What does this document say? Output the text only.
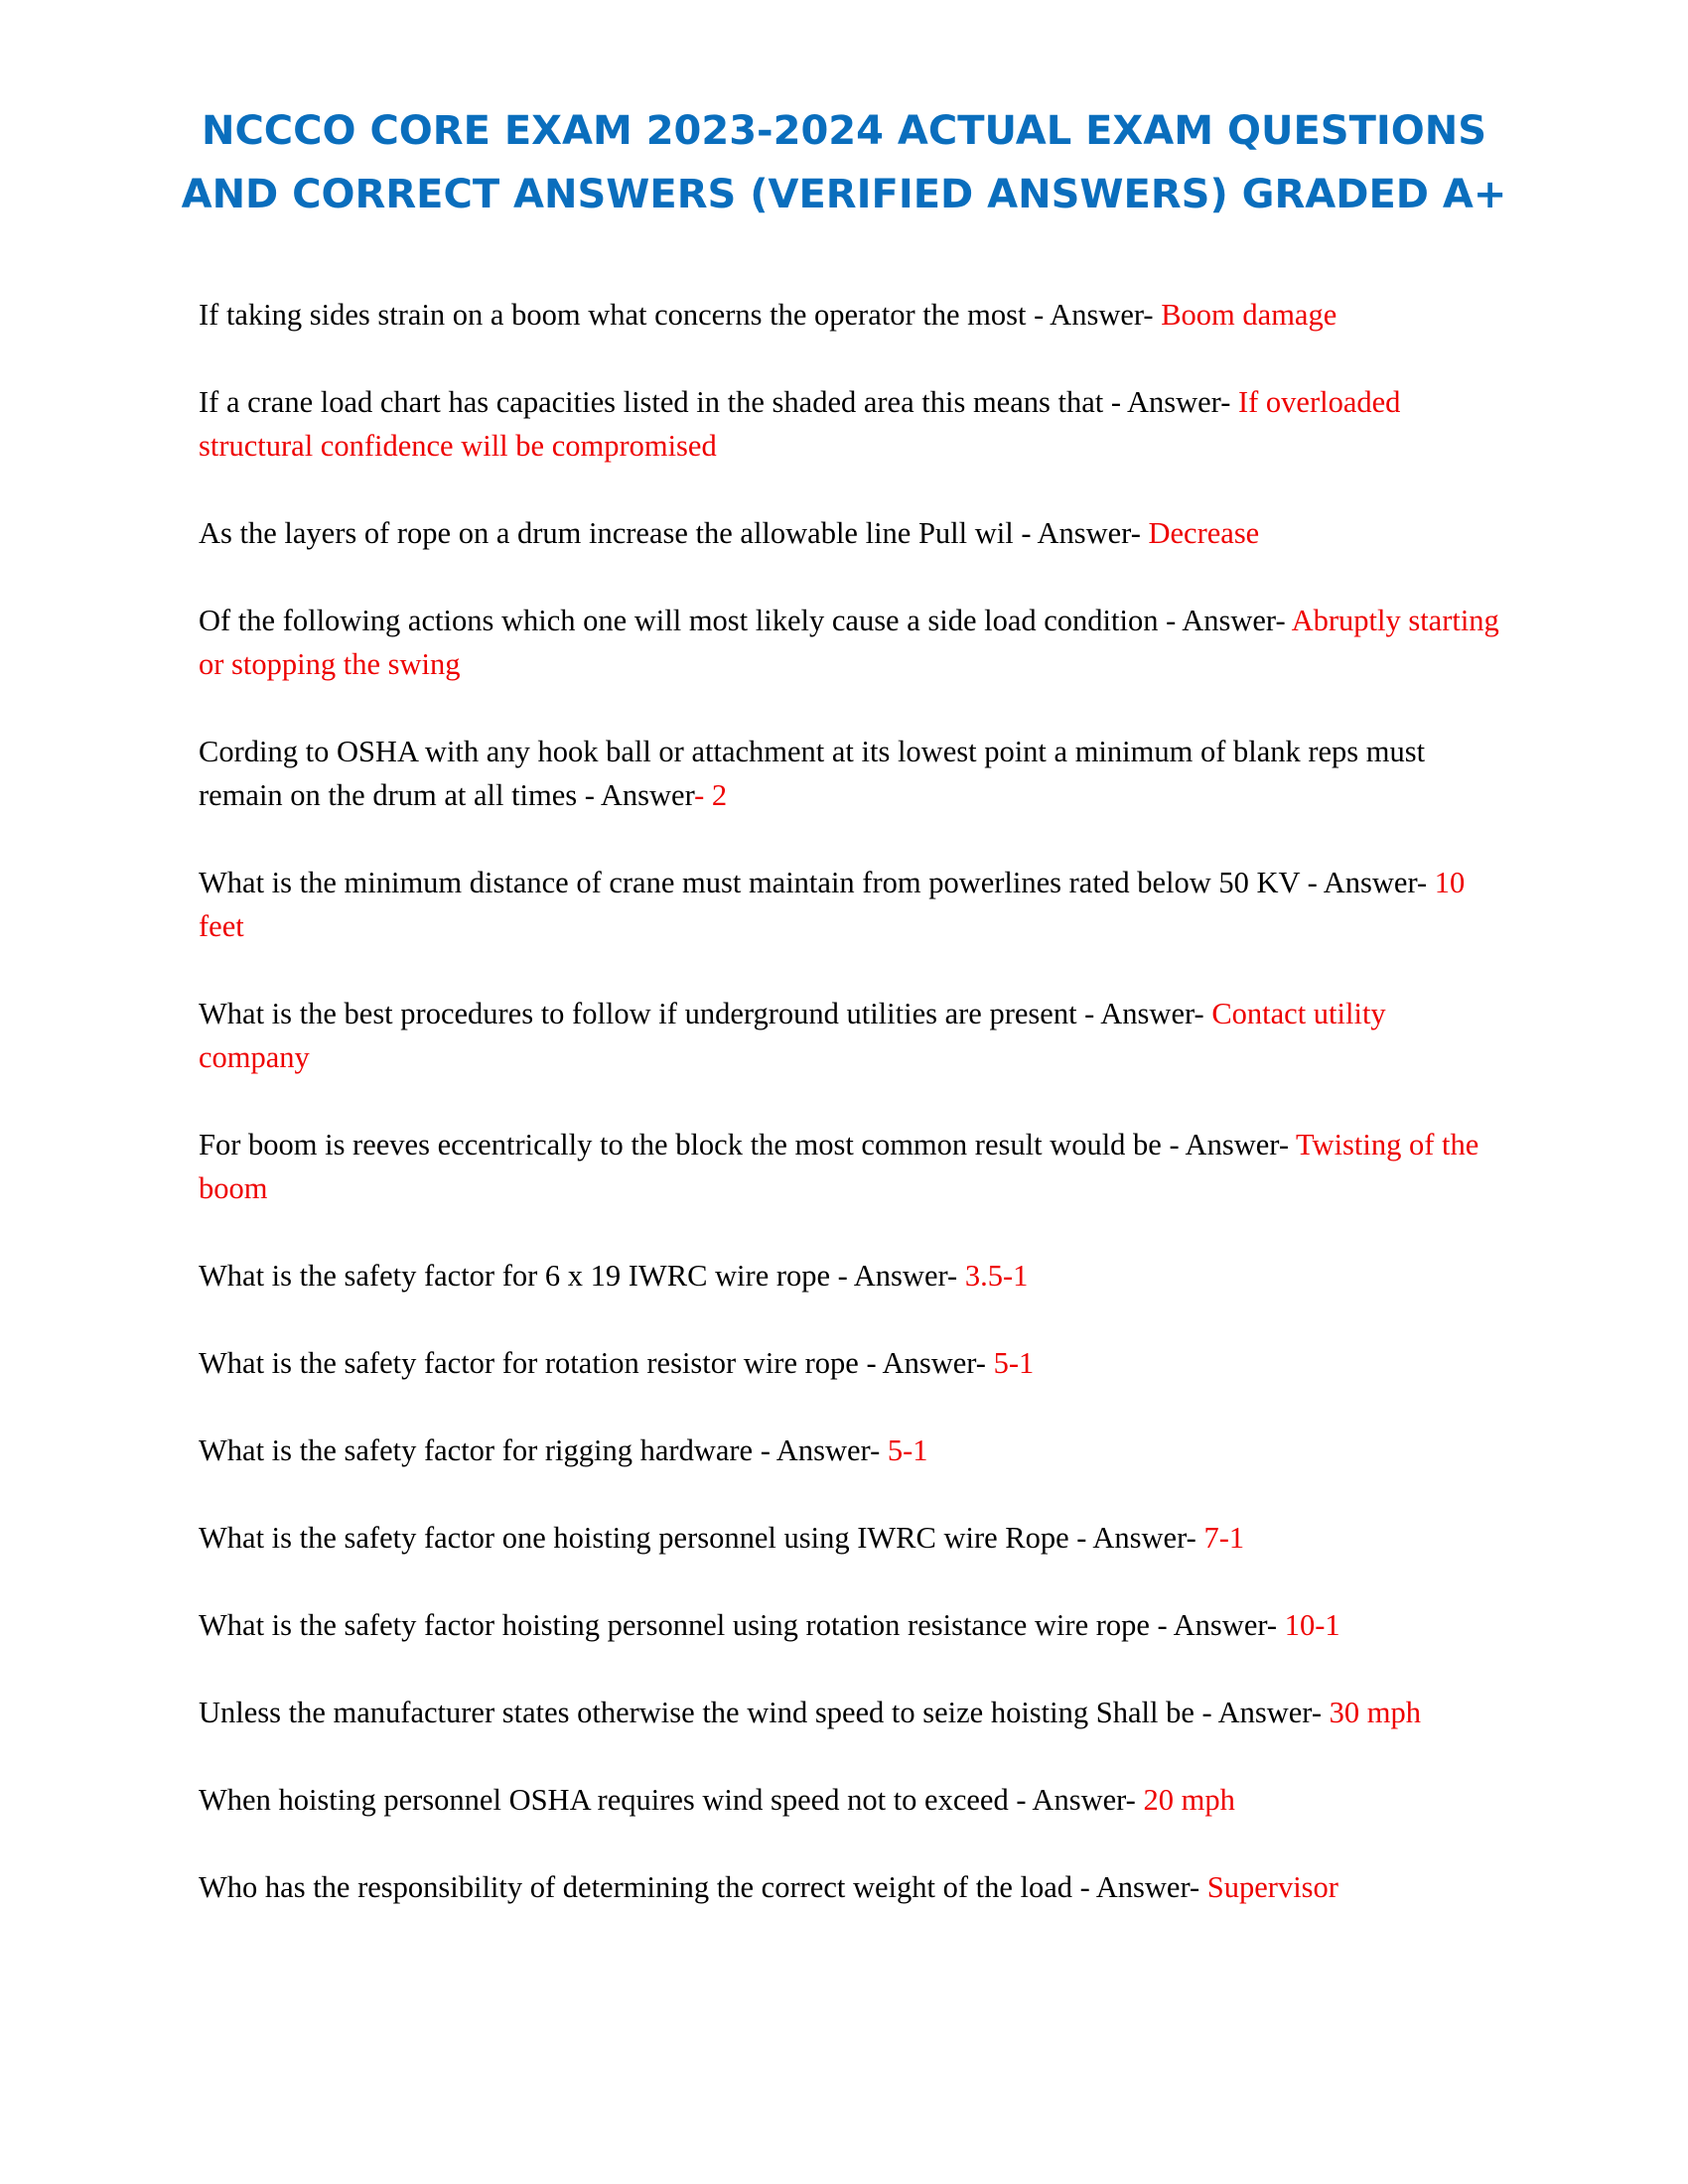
NCCCO CORE EXAM 2023-2024 ACTUAL EXAM QUESTIONS
AND CORRECT ANSWERS (VERIFIED ANSWERS) GRADED A+

If taking sides strain on a boom what concerns the operator the most - Answer- Boom damage

If a crane load chart has capacities listed in the shaded area this means that - Answer- If overloaded structural confidence will be compromised

As the layers of rope on a drum increase the allowable line Pull wil - Answer- Decrease

Of the following actions which one will most likely cause a side load condition - Answer- Abruptly starting or stopping the swing

Cording to OSHA with any hook ball or attachment at its lowest point a minimum of blank reps must remain on the drum at all times - Answer- 2

What is the minimum distance of crane must maintain from powerlines rated below 50 KV - Answer- 10 feet

What is the best procedures to follow if underground utilities are present - Answer- Contact utility company

For boom is reeves eccentrically to the block the most common result would be - Answer- Twisting of the boom

What is the safety factor for 6 x 19 IWRC wire rope - Answer- 3.5-1

What is the safety factor for rotation resistor wire rope - Answer- 5-1

What is the safety factor for rigging hardware - Answer- 5-1

What is the safety factor one hoisting personnel using IWRC wire Rope - Answer- 7-1

What is the safety factor hoisting personnel using rotation resistance wire rope - Answer- 10-1

Unless the manufacturer states otherwise the wind speed to seize hoisting Shall be - Answer- 30 mph

When hoisting personnel OSHA requires wind speed not to exceed - Answer- 20 mph

Who has the responsibility of determining the correct weight of the load - Answer- Supervisor
